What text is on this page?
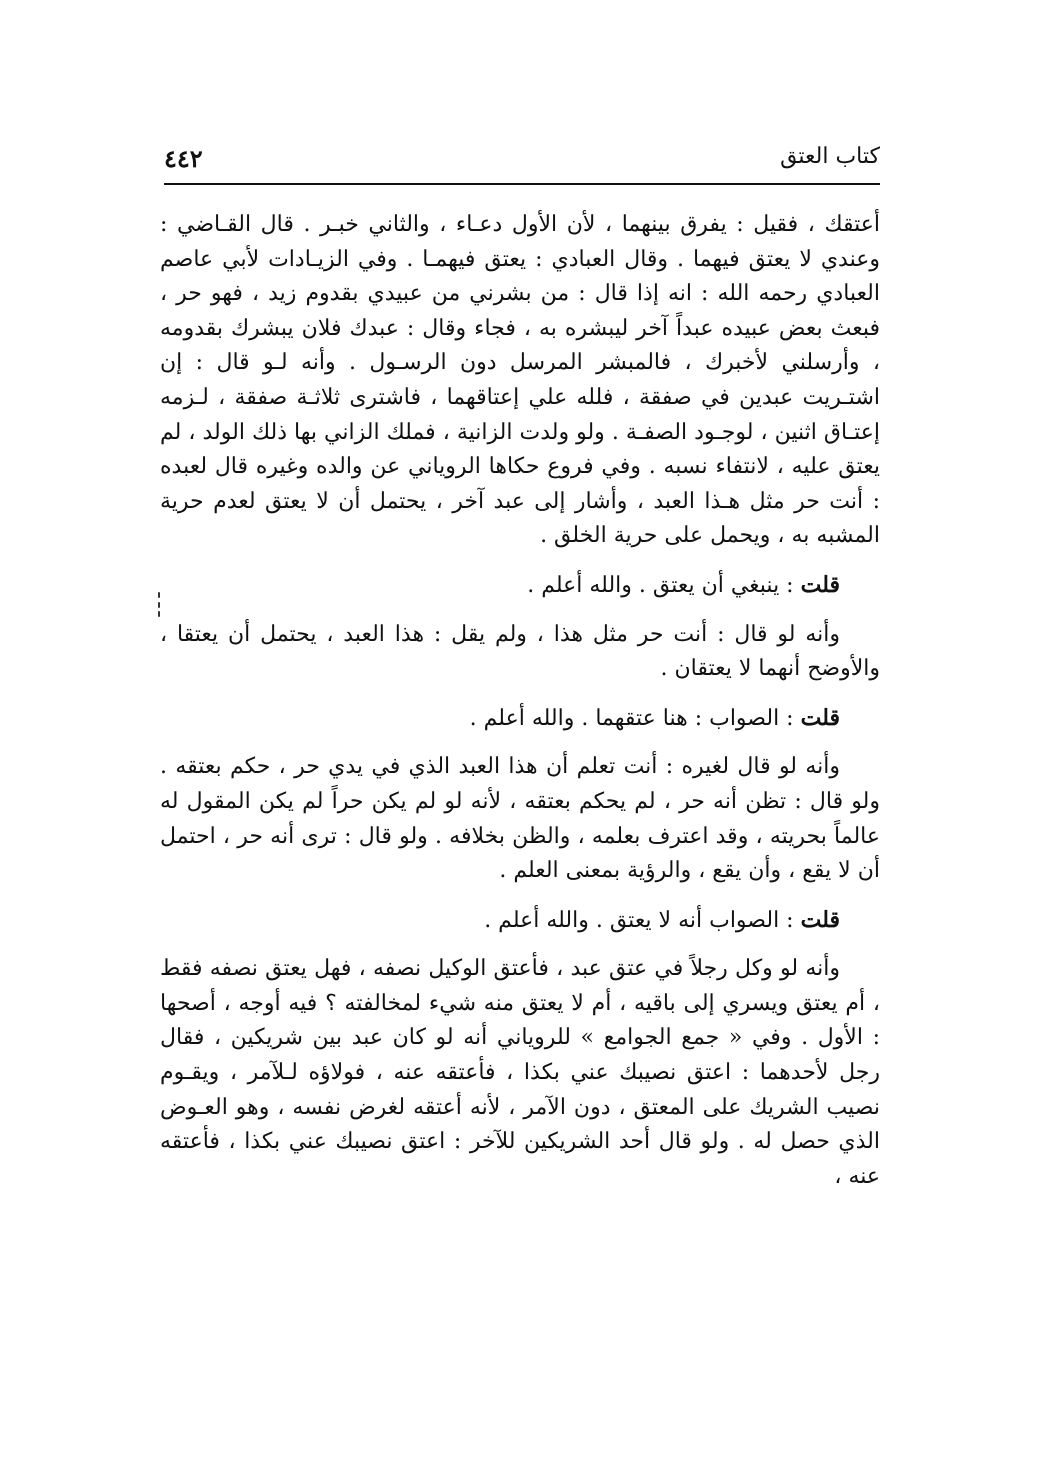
٤٤٢	كتاب العتق

أعتقك ، فقيل : يفرق بينهما ، لأن الأول دعـاء ، والثاني خبـر . قال القـاضي : وعندي لا يعتق فيهما . وقال العبادي : يعتق فيهمـا . وفي الزيـادات لأبي عاصم العبادي رحمه الله : انه إذا قال : من بشرني من عبيدي بقدوم زيد ، فهو حر ، فبعث بعض عبيده عبداً آخر ليبشره به ، فجاء وقال : عبدك فلان يبشرك بقدومه ، وأرسلني لأخبرك ، فالمبشر المرسل دون الرسـول . وأنه لـو قال : إن اشتـريت عبدين في صفقة ، فلله علي إعتاقهما ، فاشترى ثلاثـة صفقة ، لـزمه إعتـاق اثنين ، لوجـود الصفـة . ولو ولدت الزانية ، فملك الزاني بها ذلك الولد ، لم يعتق عليه ، لانتفاء نسبه . وفي فروع حكاها الروياني عن والده وغيره قال لعبده : أنت حر مثل هـذا العبد ، وأشار إلى عبد آخر ، يحتمل أن لا يعتق لعدم حرية المشبه به ، ويحمل على حرية الخلق .

قلت : ينبغي أن يعتق . والله أعلم .

وأنه لو قال : أنت حر مثل هذا ، ولم يقل : هذا العبد ، يحتمل أن يعتقا ، والأوضح أنهما لا يعتقان .

قلت : الصواب : هنا عتقهما . والله أعلم .

وأنه لو قال لغيره : أنت تعلم أن هذا العبد الذي في يدي حر ، حكم بعتقه . ولو قال : تظن أنه حر ، لم يحكم بعتقه ، لأنه لو لم يكن حراً لم يكن المقول له عالماً بحريته ، وقد اعترف بعلمه ، والظن بخلافه . ولو قال : ترى أنه حر ، احتمل أن لا يقع ، وأن يقع ، والرؤية بمعنى العلم .

قلت : الصواب أنه لا يعتق . والله أعلم .

وأنه لو وكل رجلاً في عتق عبد ، فأعتق الوكيل نصفه ، فهل يعتق نصفه فقط ، أم يعتق ويسري إلى باقيه ، أم لا يعتق منه شيء لمخالفته ؟ فيه أوجه ، أصحها : الأول . وفي « جمع الجوامع » للروياني أنه لو كان عبد بين شريكين ، فقال رجل لأحدهما : اعتق نصيبك عني بكذا ، فأعتقه عنه ، فولاؤه لـلآمر ، ويقـوم نصيب الشريك على المعتق ، دون الآمر ، لأنه أعتقه لغرض نفسه ، وهو العـوض الذي حصل له . ولو قال أحد الشريكين للآخر : اعتق نصيبك عني بكذا ، فأعتقه عنه ،
